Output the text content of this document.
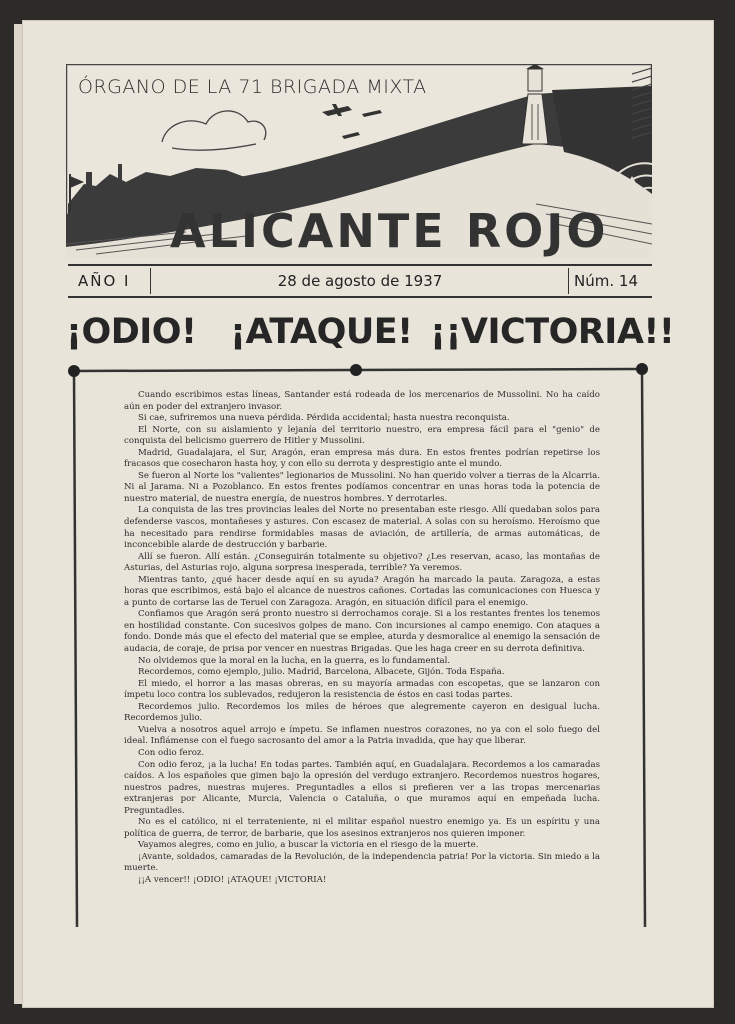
ÓRGANO DE LA 71 BRIGADA MIXTA
ALICANTE ROJO
AÑO I	28 de agosto de 1937	Núm. 14
¡ODIO! ¡ATAQUE! ¡¡VICTORIA!!

Cuando escribimos estas líneas, Santander está rodeada de los mercenarios de Mussolini. No ha caído aún en poder del extranjero invasor.

Si cae, sufriremos una nueva pérdida. Pérdida accidental; hasta nuestra reconquista.

El Norte, con su aislamiento y lejanía del territorio nuestro, era empresa fácil para el "genio" de conquista del belicismo guerrero de Hitler y Mussolini.

Madrid, Guadalajara, el Sur, Aragón, eran empresa más dura. En estos frentes podrían repetirse los fracasos que cosecharon hasta hoy, y con ello su derrota y desprestigio ante el mundo.

Se fueron al Norte los "valientes" legionarios de Mussolini. No han querido volver a tierras de la Alcarria. Ni al Jarama. Ni a Pozoblanco. En estos frentes podíamos concentrar en unas horas toda la potencia de nuestro material, de nuestra energía, de nuestros hombres. Y derrotarles.

La conquista de las tres provincias leales del Norte no presentaban este riesgo. Allí quedaban solos para defenderse vascos, montañeses y astures. Con escasez de material. A solas con su heroísmo. Heroísmo que ha necesitado para rendirse formidables masas de aviación, de artillería, de armas automáticas, de inconcebible alarde de destrucción y barbarie.

Allí se fueron. Allí están. ¿Conseguirán totalmente su objetivo? ¿Les reservan, acaso, las montañas de Asturias, del Asturias rojo, alguna sorpresa inesperada, terrible? Ya veremos.

Mientras tanto, ¿qué hacer desde aquí en su ayuda? Aragón ha marcado la pauta. Zaragoza, a estas horas que escribimos, está bajo el alcance de nuestros cañones. Cortadas las comunicaciones con Huesca y a punto de cortarse las de Teruel con Zaragoza. Aragón, en situación difícil para el enemigo.

Confiamos que Aragón será pronto nuestro si derrochamos coraje. Si a los restantes frentes los tenemos en hostilidad constante. Con sucesivos golpes de mano. Con incursiones al campo enemigo. Con ataques a fondo. Donde más que el efecto del material que se emplee, aturda y desmoralice al enemigo la sensación de audacia, de coraje, de prisa por vencer en nuestras Brigadas. Que les haga creer en su derrota definitiva.

No olvidemos que la moral en la lucha, en la guerra, es lo fundamental.

Recordemos, como ejemplo, julio. Madrid, Barcelona, Albacete, Gijón. Toda España.

El miedo, el horror a las masas obreras, en su mayoría armadas con escopetas, que se lanzaron con ímpetu loco contra los sublevados, redujeron la resistencia de éstos en casi todas partes.

Recordemos julio. Recordemos los miles de héroes que alegremente cayeron en desigual lucha. Recordemos julio.

Vuelva a nosotros aquel arrojo e ímpetu. Se inflamen nuestros corazones, no ya con el solo fuego del ideal. Inflámense con el fuego sacrosanto del amor a la Patria invadida, que hay que liberar.

Con odio feroz.

Con odio feroz, ¡a la lucha! En todas partes. También aquí, en Guadalajara. Recordemos a los camaradas caídos. A los españoles que gimen bajo la opresión del verdugo extranjero. Recordemos nuestros hogares, nuestros padres, nuestras mujeres. Preguntadles a ellos si prefieren ver a las tropas mercenarias extranjeras por Alicante, Murcia, Valencia o Cataluña, o que muramos aquí en empeñada lucha. Preguntadles.

No es el católico, ni el terrateniente, ni el militar español nuestro enemigo ya. Es un espíritu y una política de guerra, de terror, de barbarie, que los asesinos extranjeros nos quieren imponer.

Vayamos alegres, como en julio, a buscar la victoria en el riesgo de la muerte.

¡Avante, soldados, camaradas de la Revolución, de la independencia patria! Por la victoria. Sin miedo a la muerte.

¡¡A vencer!! ¡ODIO! ¡ATAQUE! ¡VICTORIA!
